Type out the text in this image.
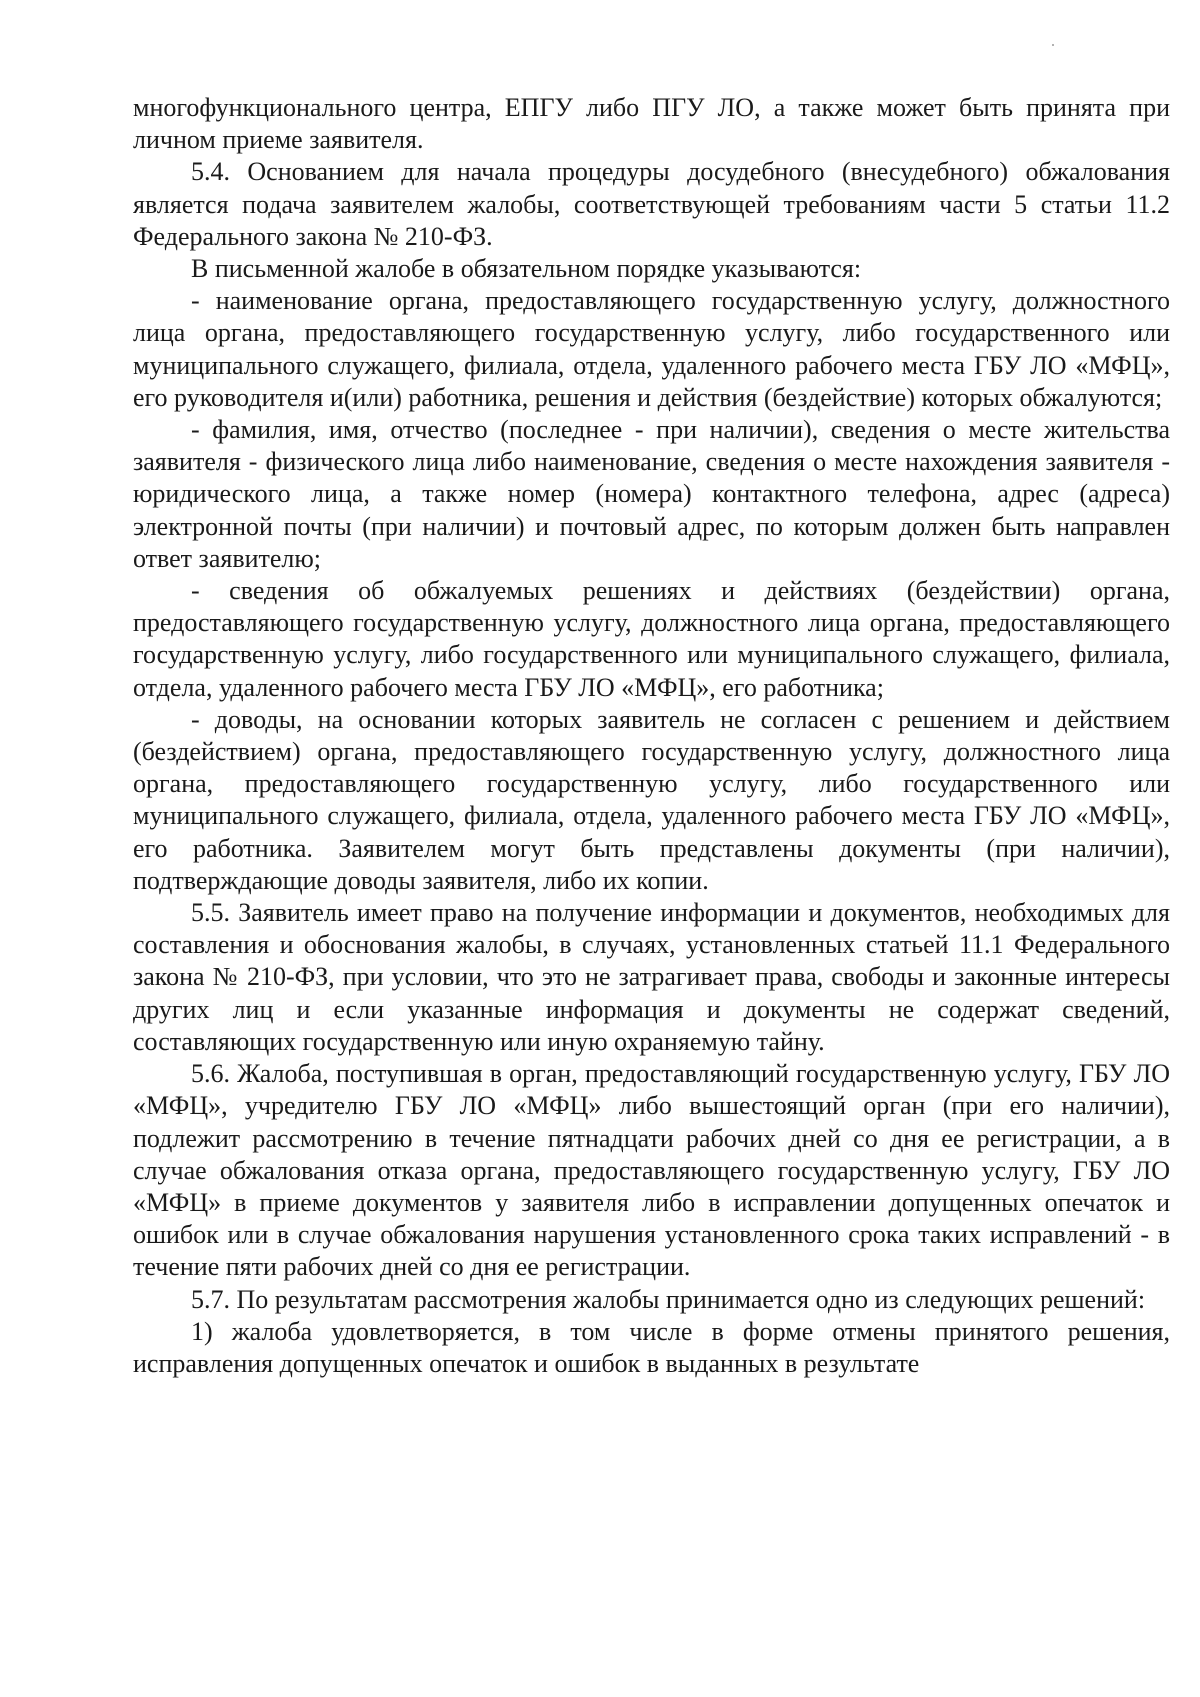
многофункционального центра, ЕПГУ либо ПГУ ЛО, а также может быть принята при личном приеме заявителя.

5.4. Основанием для начала процедуры досудебного (внесудебного) обжалования является подача заявителем жалобы, соответствующей требованиям части 5 статьи 11.2 Федерального закона № 210-ФЗ.

В письменной жалобе в обязательном порядке указываются:

- наименование органа, предоставляющего государственную услугу, должностного лица органа, предоставляющего государственную услугу, либо государственного или муниципального служащего, филиала, отдела, удаленного рабочего места ГБУ ЛО «МФЦ», его руководителя и(или) работника, решения и действия (бездействие) которых обжалуются;

- фамилия, имя, отчество (последнее - при наличии), сведения о месте жительства заявителя - физического лица либо наименование, сведения о месте нахождения заявителя - юридического лица, а также номер (номера) контактного телефона, адрес (адреса) электронной почты (при наличии) и почтовый адрес, по которым должен быть направлен ответ заявителю;

- сведения об обжалуемых решениях и действиях (бездействии) органа, предоставляющего государственную услугу, должностного лица органа, предоставляющего государственную услугу, либо государственного или муниципального служащего, филиала, отдела, удаленного рабочего места ГБУ ЛО «МФЦ», его работника;

- доводы, на основании которых заявитель не согласен с решением и действием (бездействием) органа, предоставляющего государственную услугу, должностного лица органа, предоставляющего государственную услугу, либо государственного или муниципального служащего, филиала, отдела, удаленного рабочего места ГБУ ЛО «МФЦ», его работника. Заявителем могут быть представлены документы (при наличии), подтверждающие доводы заявителя, либо их копии.

5.5. Заявитель имеет право на получение информации и документов, необходимых для составления и обоснования жалобы, в случаях, установленных статьей 11.1 Федерального закона № 210-ФЗ, при условии, что это не затрагивает права, свободы и законные интересы других лиц и если указанные информация и документы не содержат сведений, составляющих государственную или иную охраняемую тайну.

5.6. Жалоба, поступившая в орган, предоставляющий государственную услугу, ГБУ ЛО «МФЦ», учредителю ГБУ ЛО «МФЦ» либо вышестоящий орган (при его наличии), подлежит рассмотрению в течение пятнадцати рабочих дней со дня ее регистрации, а в случае обжалования отказа органа, предоставляющего государственную услугу, ГБУ ЛО «МФЦ» в приеме документов у заявителя либо в исправлении допущенных опечаток и ошибок или в случае обжалования нарушения установленного срока таких исправлений - в течение пяти рабочих дней со дня ее регистрации.

5.7. По результатам рассмотрения жалобы принимается одно из следующих решений:

1) жалоба удовлетворяется, в том числе в форме отмены принятого решения, исправления допущенных опечаток и ошибок в выданных в результате
